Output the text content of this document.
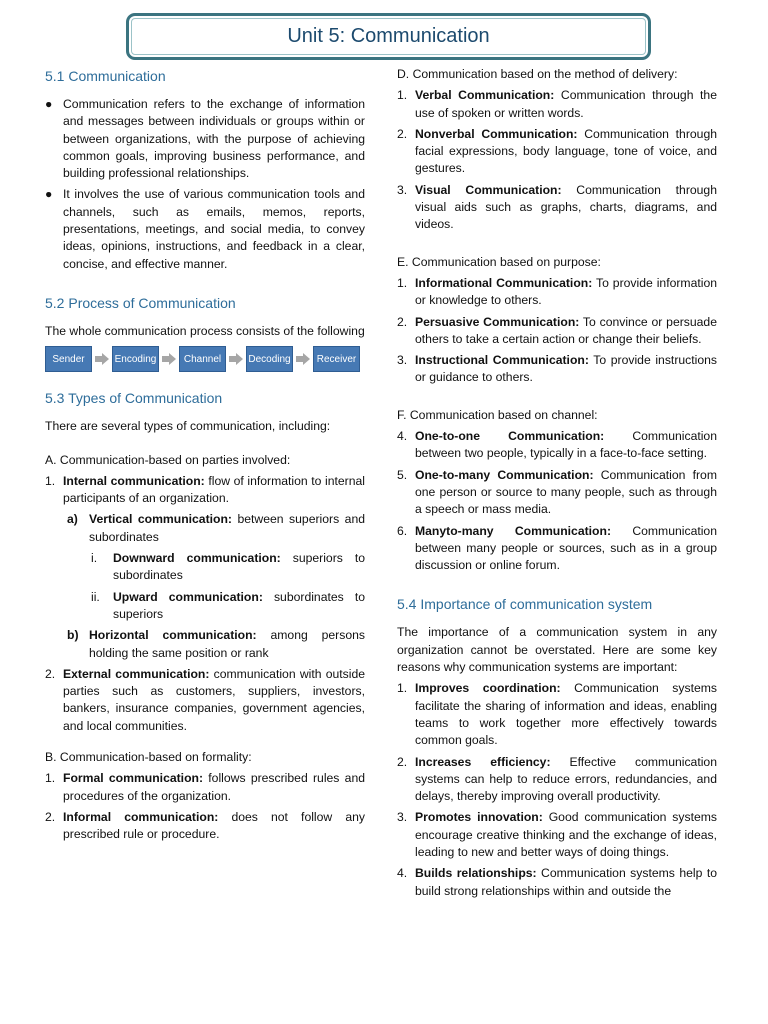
Unit 5: Communication
5.1 Communication
● Communication refers to the exchange of information and messages between individuals or groups within or between organizations, with the purpose of achieving common goals, improving business performance, and building professional relationships.
● It involves the use of various communication tools and channels, such as emails, memos, reports, presentations, meetings, and social media, to convey ideas, opinions, instructions, and feedback in a clear, concise, and effective manner.
5.2 Process of Communication

The whole communication process consists of the following

Sender	Encoding	Channel	Decoding	Receiver
5.3 Types of Communication

There are several types of communication, including:

A. Communication-based on parties involved:

1. Internal communication: flow of information to internal participants of an organization.
a) Vertical communication: between superiors and subordinates
i. Downward communication: superiors to subordinates
ii. Upward communication: subordinates to superiors
b) Horizontal communication: among persons holding the same position or rank
2. External communication: communication with outside parties such as customers, suppliers, investors, bankers, insurance companies, government agencies, and local communities.

B. Communication-based on formality:

1. Formal communication: follows prescribed rules and procedures of the organization.
2. Informal communication: does not follow any prescribed rule or procedure.

D. Communication based on the method of delivery:

1. Verbal Communication: Communication through the use of spoken or written words.
2. Nonverbal Communication: Communication through facial expressions, body language, tone of voice, and gestures.
3. Visual Communication: Communication through visual aids such as graphs, charts, diagrams, and videos.

E. Communication based on purpose:

1. Informational Communication: To provide information or knowledge to others.
2. Persuasive Communication: To convince or persuade others to take a certain action or change their beliefs.
3. Instructional Communication: To provide instructions or guidance to others.

F. Communication based on channel:

4. One-to-one Communication: Communication between two people, typically in a face-to-face setting.
5. One-to-many Communication: Communication from one person or source to many people, such as through a speech or mass media.
6. Manyto-many Communication: Communication between many people or sources, such as in a group discussion or online forum.
5.4 Importance of communication system

The importance of a communication system in any organization cannot be overstated. Here are some key reasons why communication systems are important:

1. Improves coordination: Communication systems facilitate the sharing of information and ideas, enabling teams to work together more effectively towards common goals.
2. Increases efficiency: Effective communication systems can help to reduce errors, redundancies, and delays, thereby improving overall productivity.
3. Promotes innovation: Good communication systems encourage creative thinking and the exchange of ideas, leading to new and better ways of doing things.
4. Builds relationships: Communication systems help to build strong relationships within and outside the
